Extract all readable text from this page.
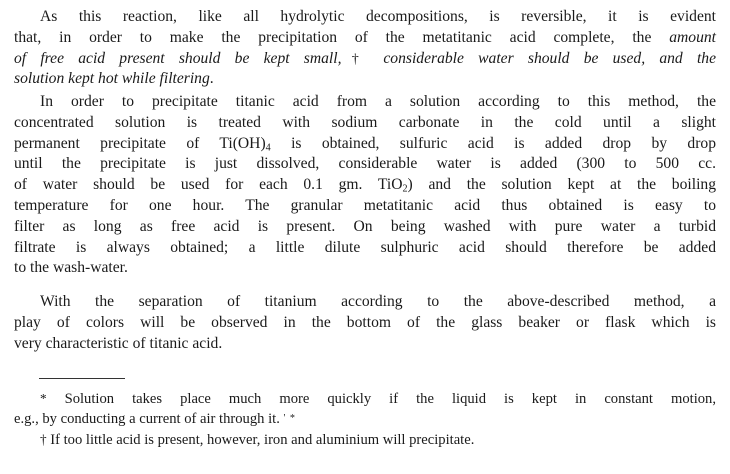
As this reaction, like all hydrolytic decompositions, is reversible, it is evident
that, in order to make the precipitation of the metatitanic acid complete, the amount
of free acid present should be kept small,† considerable water should be used, and the
solution kept hot while filtering.
In order to precipitate titanic acid from a solution according to this method, the
concentrated solution is treated with sodium carbonate in the cold until a slight
permanent precipitate of $Ti(OH)_4$ is obtained, sulfuric acid is added drop by drop
until the precipitate is just dissolved, considerable water is added (300 to 500 cc.
of water should be used for each 0.1 gm. TiO$_2$) and the solution kept at the boiling
temperature for one hour. The granular metatitanic acid thus obtained is easy to
filter as long as free acid is present. On being washed with pure water a turbid
filtrate is always obtained; a little dilute sulphuric acid should therefore be added
to the wash-water.
With the separation of titanium according to the above-described method, a
play of colors will be observed in the bottom of the glass beaker or flask which is
very characteristic of titanic acid.
* Solution takes place much more quickly if the liquid is kept in constant motion,
e.g., by conducting a current of air through it. ' *
† If too little acid is present, however, iron and aluminium will precipitate.
